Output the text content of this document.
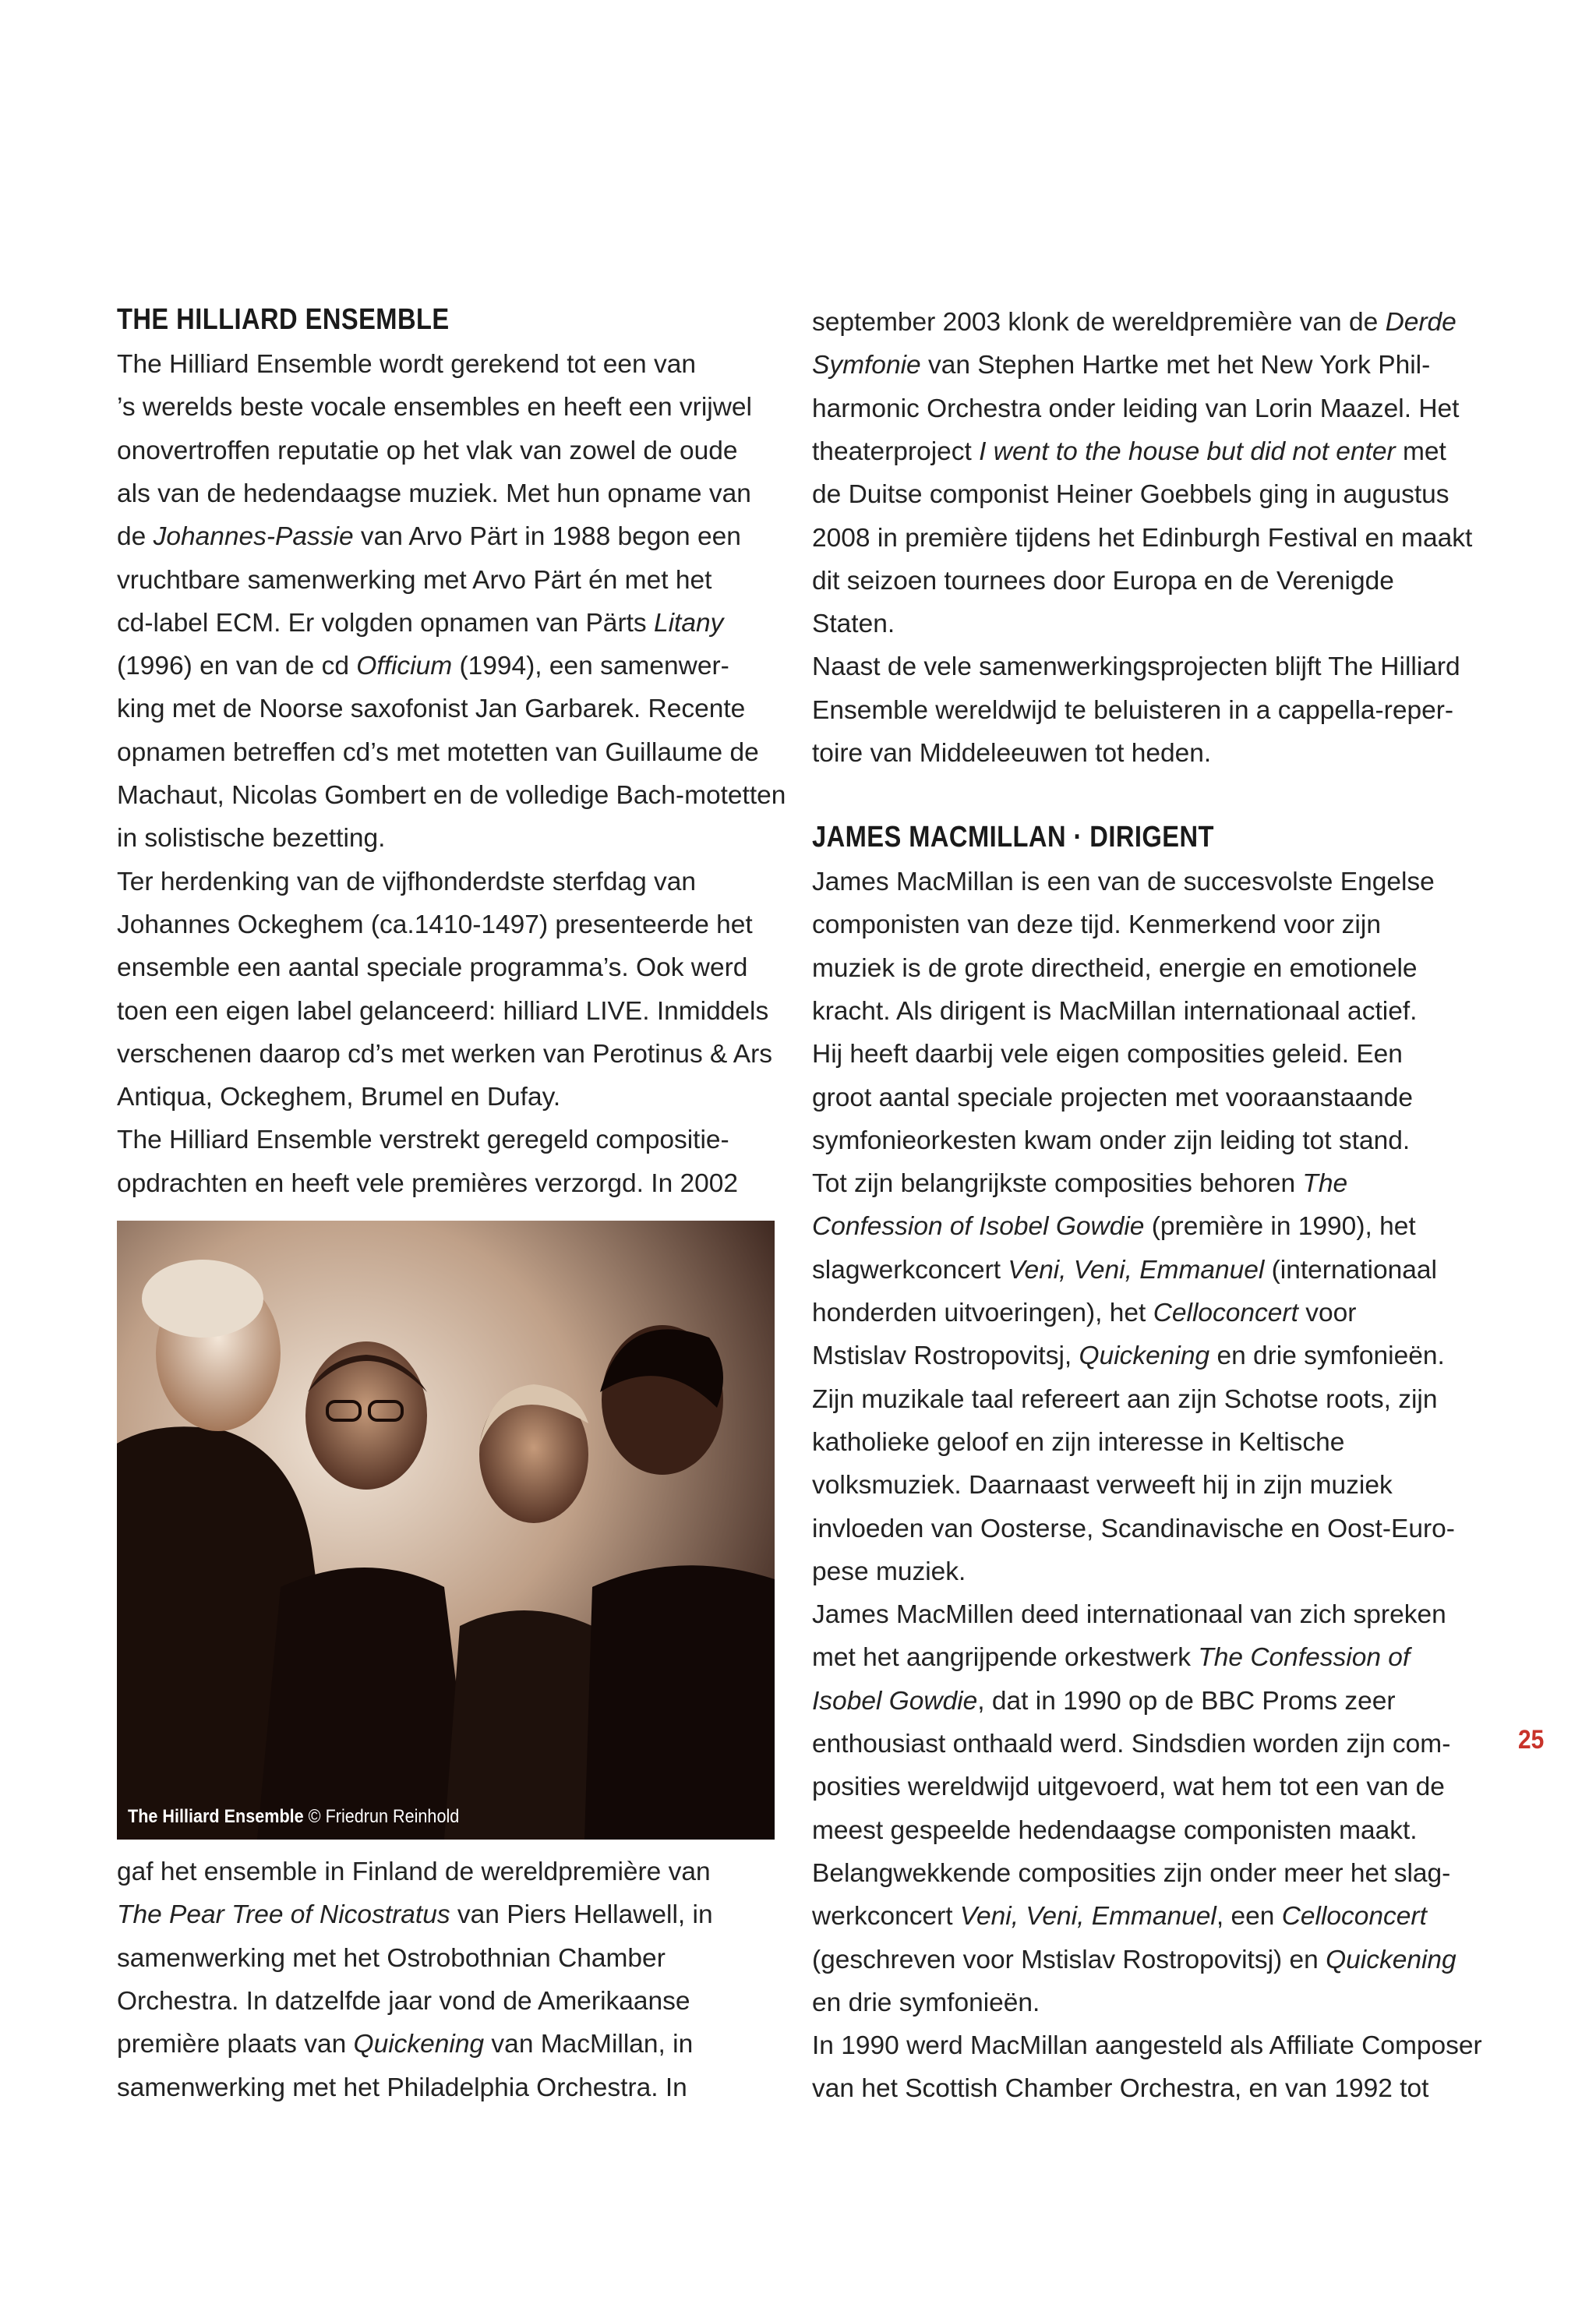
THE HILLIARD ENSEMBLE
The Hilliard Ensemble wordt gerekend tot een van
’s werelds beste vocale ensembles en heeft een vrijwel
onovertroffen reputatie op het vlak van zowel de oude
als van de hedendaagse muziek. Met hun opname van
de Johannes-Passie van Arvo Pärt in 1988 begon een
vruchtbare samenwerking met Arvo Pärt én met het
cd-label ECM. Er volgden opnamen van Pärts Litany
(1996) en van de cd Officium (1994), een samenwer-
king met de Noorse saxofonist Jan Garbarek. Recente
opnamen betreffen cd’s met motetten van Guillaume de
Machaut, Nicolas Gombert en de volledige Bach-motetten
in solistische bezetting.
Ter herdenking van de vijfhonderdste sterfdag van
Johannes Ockeghem (ca.1410-1497) presenteerde het
ensemble een aantal speciale programma’s. Ook werd
toen een eigen label gelanceerd: hilliard LIVE. Inmiddels
verschenen daarop cd’s met werken van Perotinus & Ars
Antiqua, Ockeghem, Brumel en Dufay.
The Hilliard Ensemble verstrekt geregeld compositie-
opdrachten en heeft vele premières verzorgd. In 2002
gaf het ensemble in Finland de wereldpremière van
The Pear Tree of Nicostratus van Piers Hellawell, in
samenwerking met het Ostrobothnian Chamber
Orchestra. In datzelfde jaar vond de Amerikaanse
première plaats van Quickening van MacMillan, in
samenwerking met het Philadelphia Orchestra. In
The Hilliard Ensemble © Friedrun Reinhold
september 2003 klonk de wereldpremière van de Derde
Symfonie van Stephen Hartke met het New York Phil-
harmonic Orchestra onder leiding van Lorin Maazel. Het
theaterproject I went to the house but did not enter met
de Duitse componist Heiner Goebbels ging in augustus
2008 in première tijdens het Edinburgh Festival en maakt
dit seizoen tournees door Europa en de Verenigde
Staten.
Naast de vele samenwerkingsprojecten blijft The Hilliard
Ensemble wereldwijd te beluisteren in a cappella-reper-
toire van Middeleeuwen tot heden.
JAMES MACMILLAN · DIRIGENT
James MacMillan is een van de succesvolste Engelse
componisten van deze tijd. Kenmerkend voor zijn
muziek is de grote directheid, energie en emotionele
kracht. Als dirigent is MacMillan internationaal actief.
Hij heeft daarbij vele eigen composities geleid. Een
groot aantal speciale projecten met vooraanstaande
symfonieorkesten kwam onder zijn leiding tot stand.
Tot zijn belangrijkste composities behoren The
Confession of Isobel Gowdie (première in 1990), het
slagwerkconcert Veni, Veni, Emmanuel (internationaal
honderden uitvoeringen), het Celloconcert voor
Mstislav Rostropovitsj, Quickening en drie symfonieën.
Zijn muzikale taal refereert aan zijn Schotse roots, zijn
katholieke geloof en zijn interesse in Keltische
volksmuziek. Daarnaast verweeft hij in zijn muziek
invloeden van Oosterse, Scandinavische en Oost-Euro-
pese muziek.
James MacMillen deed internationaal van zich spreken
met het aangrijpende orkestwerk The Confession of
Isobel Gowdie, dat in 1990 op de BBC Proms zeer
enthousiast onthaald werd. Sindsdien worden zijn com-
posities wereldwijd uitgevoerd, wat hem tot een van de
meest gespeelde hedendaagse componisten maakt.
Belangwekkende composities zijn onder meer het slag-
werkconcert Veni, Veni, Emmanuel, een Celloconcert
(geschreven voor Mstislav Rostropovitsj) en Quickening
en drie symfonieën.
In 1990 werd MacMillan aangesteld als Affiliate Composer
van het Scottish Chamber Orchestra, en van 1992 tot
25
